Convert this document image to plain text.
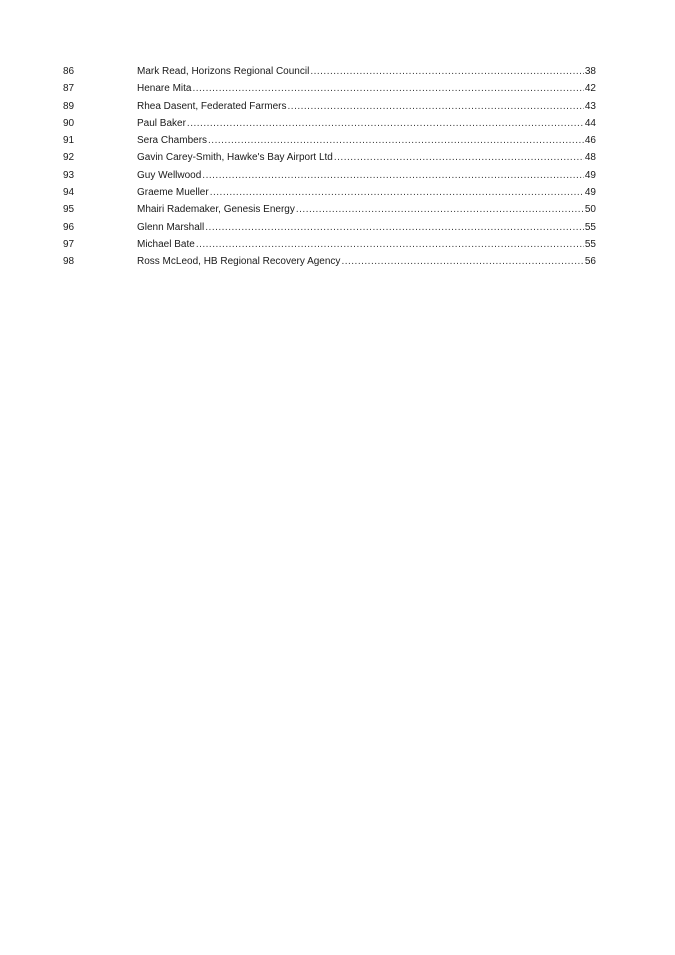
86	Mark Read, Horizons Regional Council .....	38
87	Henare Mita .....	42
89	Rhea Dasent, Federated Farmers .....	43
90	Paul Baker .....	44
91	Sera Chambers .....	46
92	Gavin Carey-Smith, Hawke's Bay Airport Ltd .....	48
93	Guy Wellwood .....	49
94	Graeme Mueller .....	49
95	Mhairi Rademaker, Genesis Energy .....	50
96	Glenn Marshall .....	55
97	Michael Bate .....	55
98	Ross McLeod, HB Regional Recovery Agency .....	56
